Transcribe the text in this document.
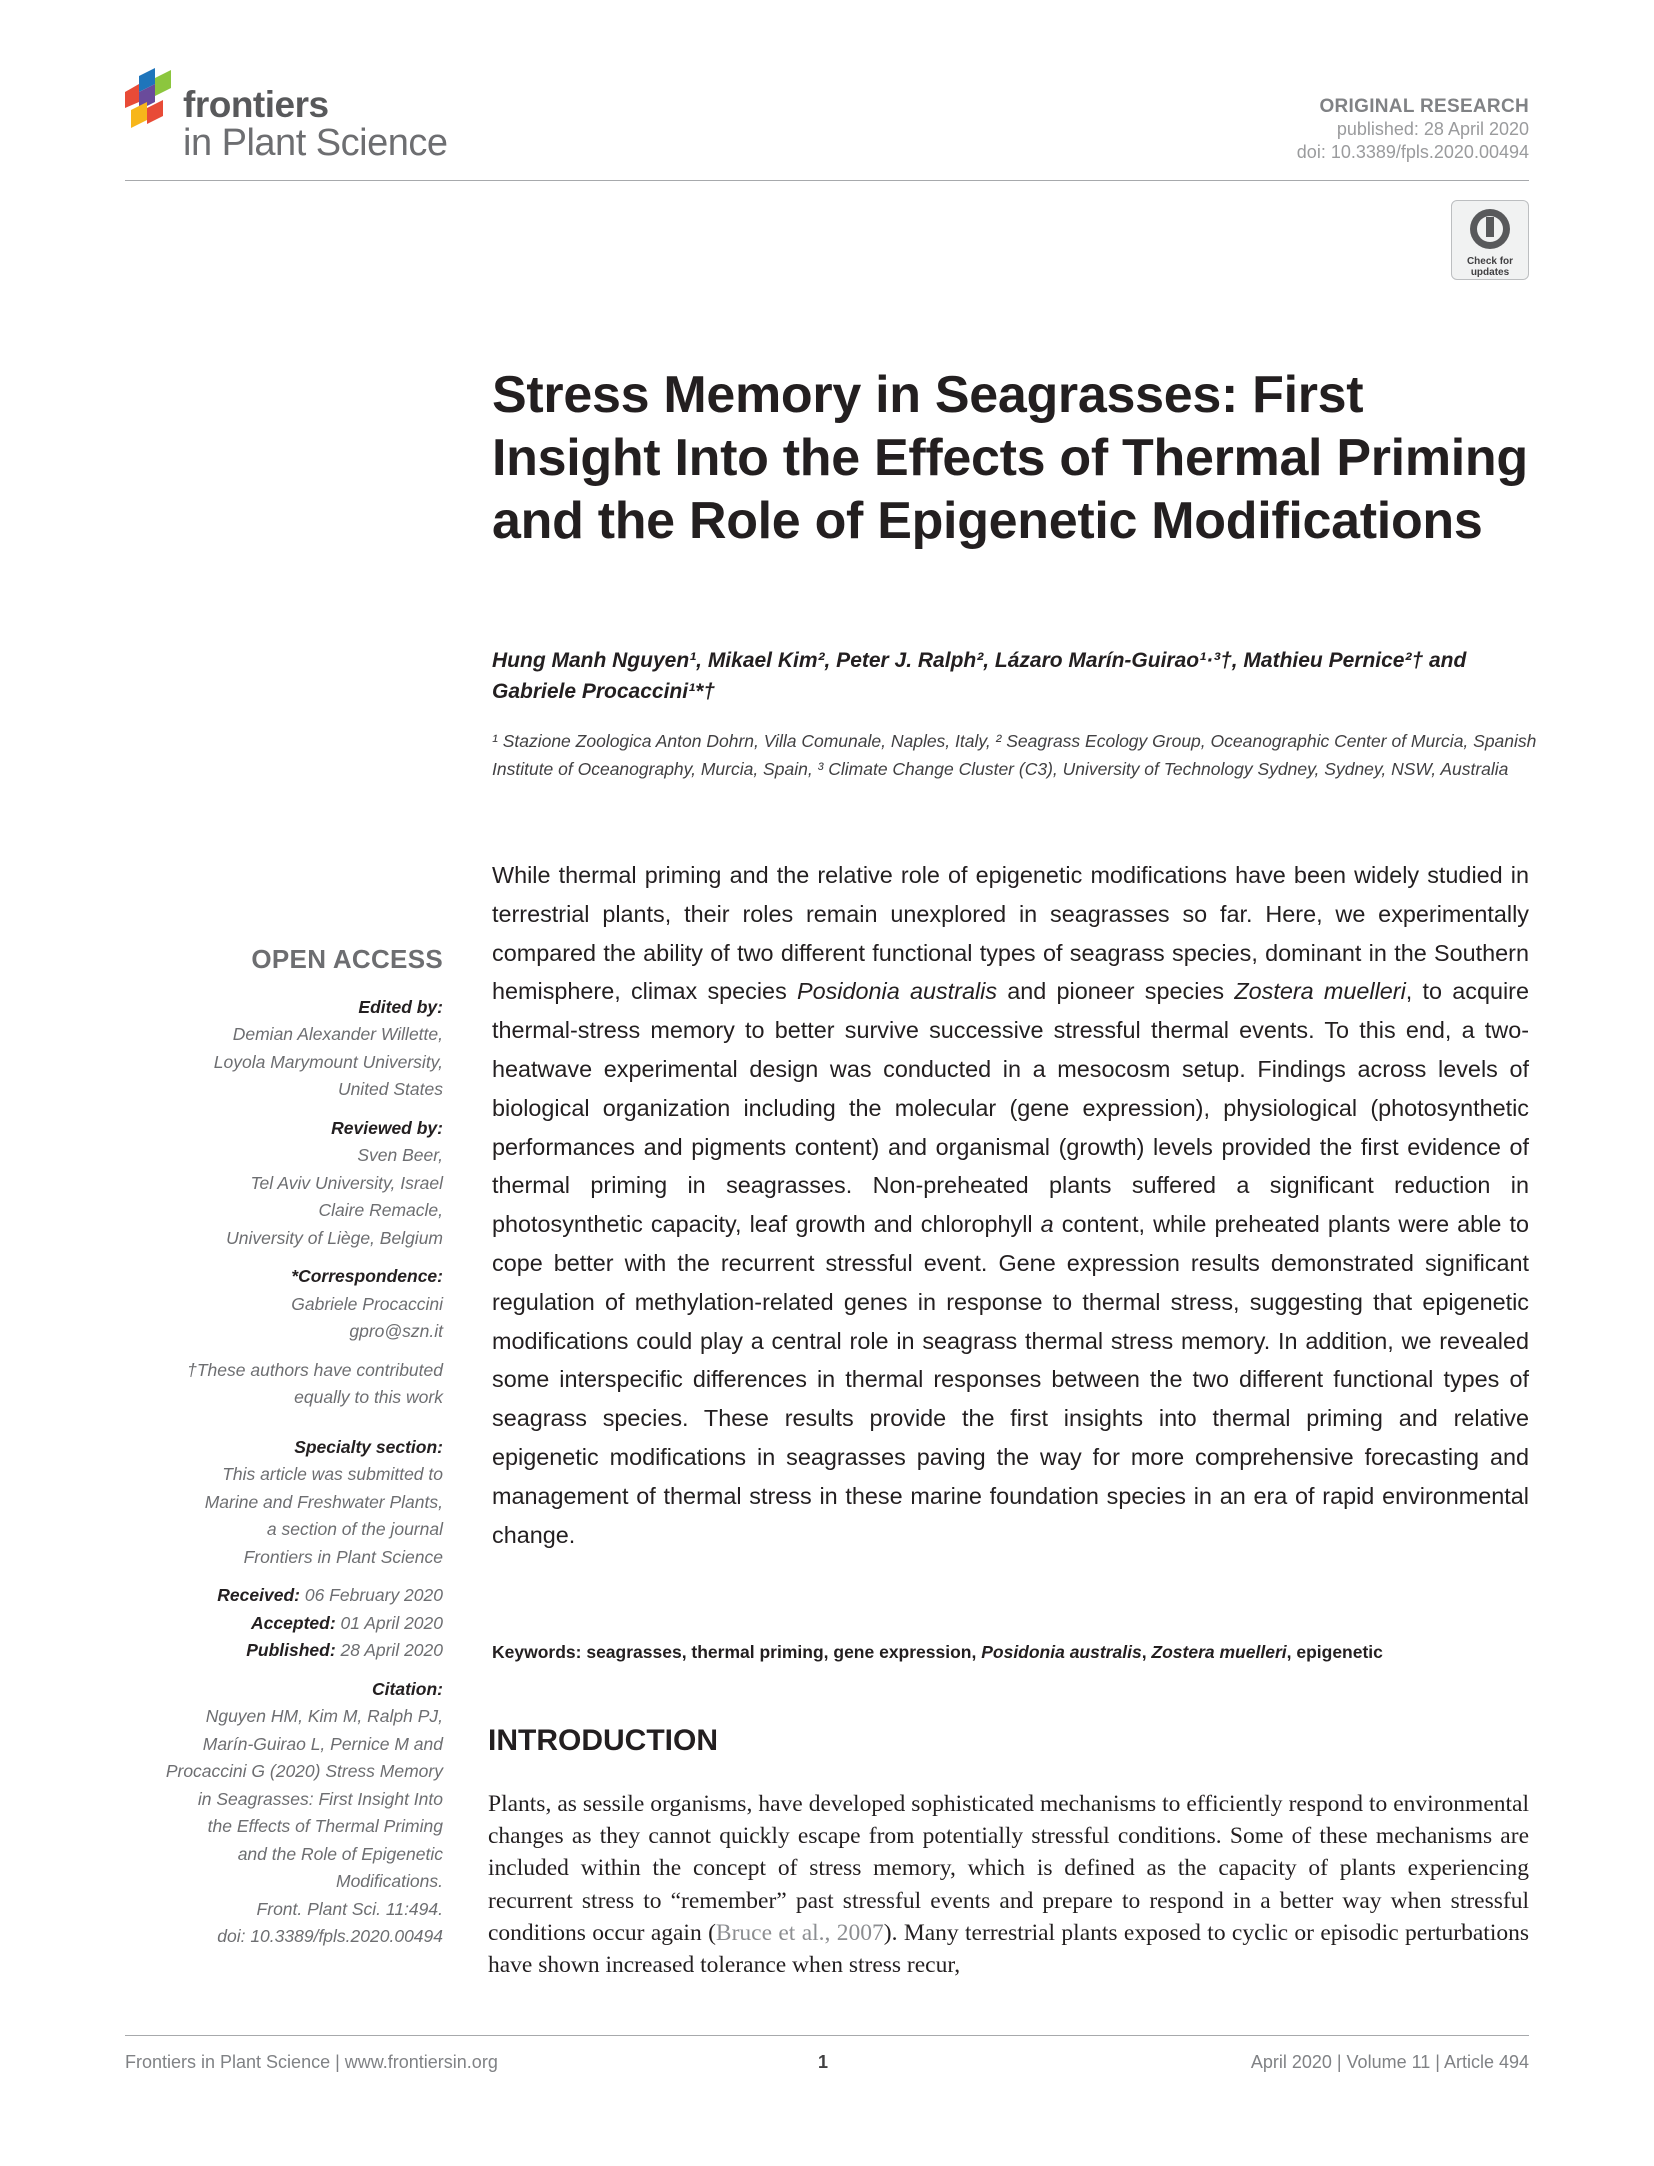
frontiers
in Plant Science
ORIGINAL RESEARCH
published: 28 April 2020
doi: 10.3389/fpls.2020.00494
Check for updates
Stress Memory in Seagrasses: First Insight Into the Effects of Thermal Priming and the Role of Epigenetic Modifications
Hung Manh Nguyen¹, Mikael Kim², Peter J. Ralph², Lázaro Marín-Guirao¹·³†, Mathieu Pernice²† and Gabriele Procaccini¹*†
¹ Stazione Zoologica Anton Dohrn, Villa Comunale, Naples, Italy, ² Seagrass Ecology Group, Oceanographic Center of Murcia, Spanish Institute of Oceanography, Murcia, Spain, ³ Climate Change Cluster (C3), University of Technology Sydney, Sydney, NSW, Australia
While thermal priming and the relative role of epigenetic modifications have been widely studied in terrestrial plants, their roles remain unexplored in seagrasses so far. Here, we experimentally compared the ability of two different functional types of seagrass species, dominant in the Southern hemisphere, climax species Posidonia australis and pioneer species Zostera muelleri, to acquire thermal-stress memory to better survive successive stressful thermal events. To this end, a two-heatwave experimental design was conducted in a mesocosm setup. Findings across levels of biological organization including the molecular (gene expression), physiological (photosynthetic performances and pigments content) and organismal (growth) levels provided the first evidence of thermal priming in seagrasses. Non-preheated plants suffered a significant reduction in photosynthetic capacity, leaf growth and chlorophyll a content, while preheated plants were able to cope better with the recurrent stressful event. Gene expression results demonstrated significant regulation of methylation-related genes in response to thermal stress, suggesting that epigenetic modifications could play a central role in seagrass thermal stress memory. In addition, we revealed some interspecific differences in thermal responses between the two different functional types of seagrass species. These results provide the first insights into thermal priming and relative epigenetic modifications in seagrasses paving the way for more comprehensive forecasting and management of thermal stress in these marine foundation species in an era of rapid environmental change.
Keywords: seagrasses, thermal priming, gene expression, Posidonia australis, Zostera muelleri, epigenetic
INTRODUCTION
Plants, as sessile organisms, have developed sophisticated mechanisms to efficiently respond to environmental changes as they cannot quickly escape from potentially stressful conditions. Some of these mechanisms are included within the concept of stress memory, which is defined as the capacity of plants experiencing recurrent stress to “remember” past stressful events and prepare to respond in a better way when stressful conditions occur again (Bruce et al., 2007). Many terrestrial plants exposed to cyclic or episodic perturbations have shown increased tolerance when stress recur,
OPEN ACCESS
Edited by:
Demian Alexander Willette,
Loyola Marymount University,
United States
Reviewed by:
Sven Beer,
Tel Aviv University, Israel
Claire Remacle,
University of Liège, Belgium
*Correspondence:
Gabriele Procaccini
gpro@szn.it
†These authors have contributed
equally to this work
Specialty section:
This article was submitted to
Marine and Freshwater Plants,
a section of the journal
Frontiers in Plant Science
Received: 06 February 2020
Accepted: 01 April 2020
Published: 28 April 2020
Citation:
Nguyen HM, Kim M, Ralph PJ,
Marín-Guirao L, Pernice M and
Procaccini G (2020) Stress Memory
in Seagrasses: First Insight Into
the Effects of Thermal Priming
and the Role of Epigenetic
Modifications.
Front. Plant Sci. 11:494.
doi: 10.3389/fpls.2020.00494
Frontiers in Plant Science | www.frontiersin.org	1	April 2020 | Volume 11 | Article 494
